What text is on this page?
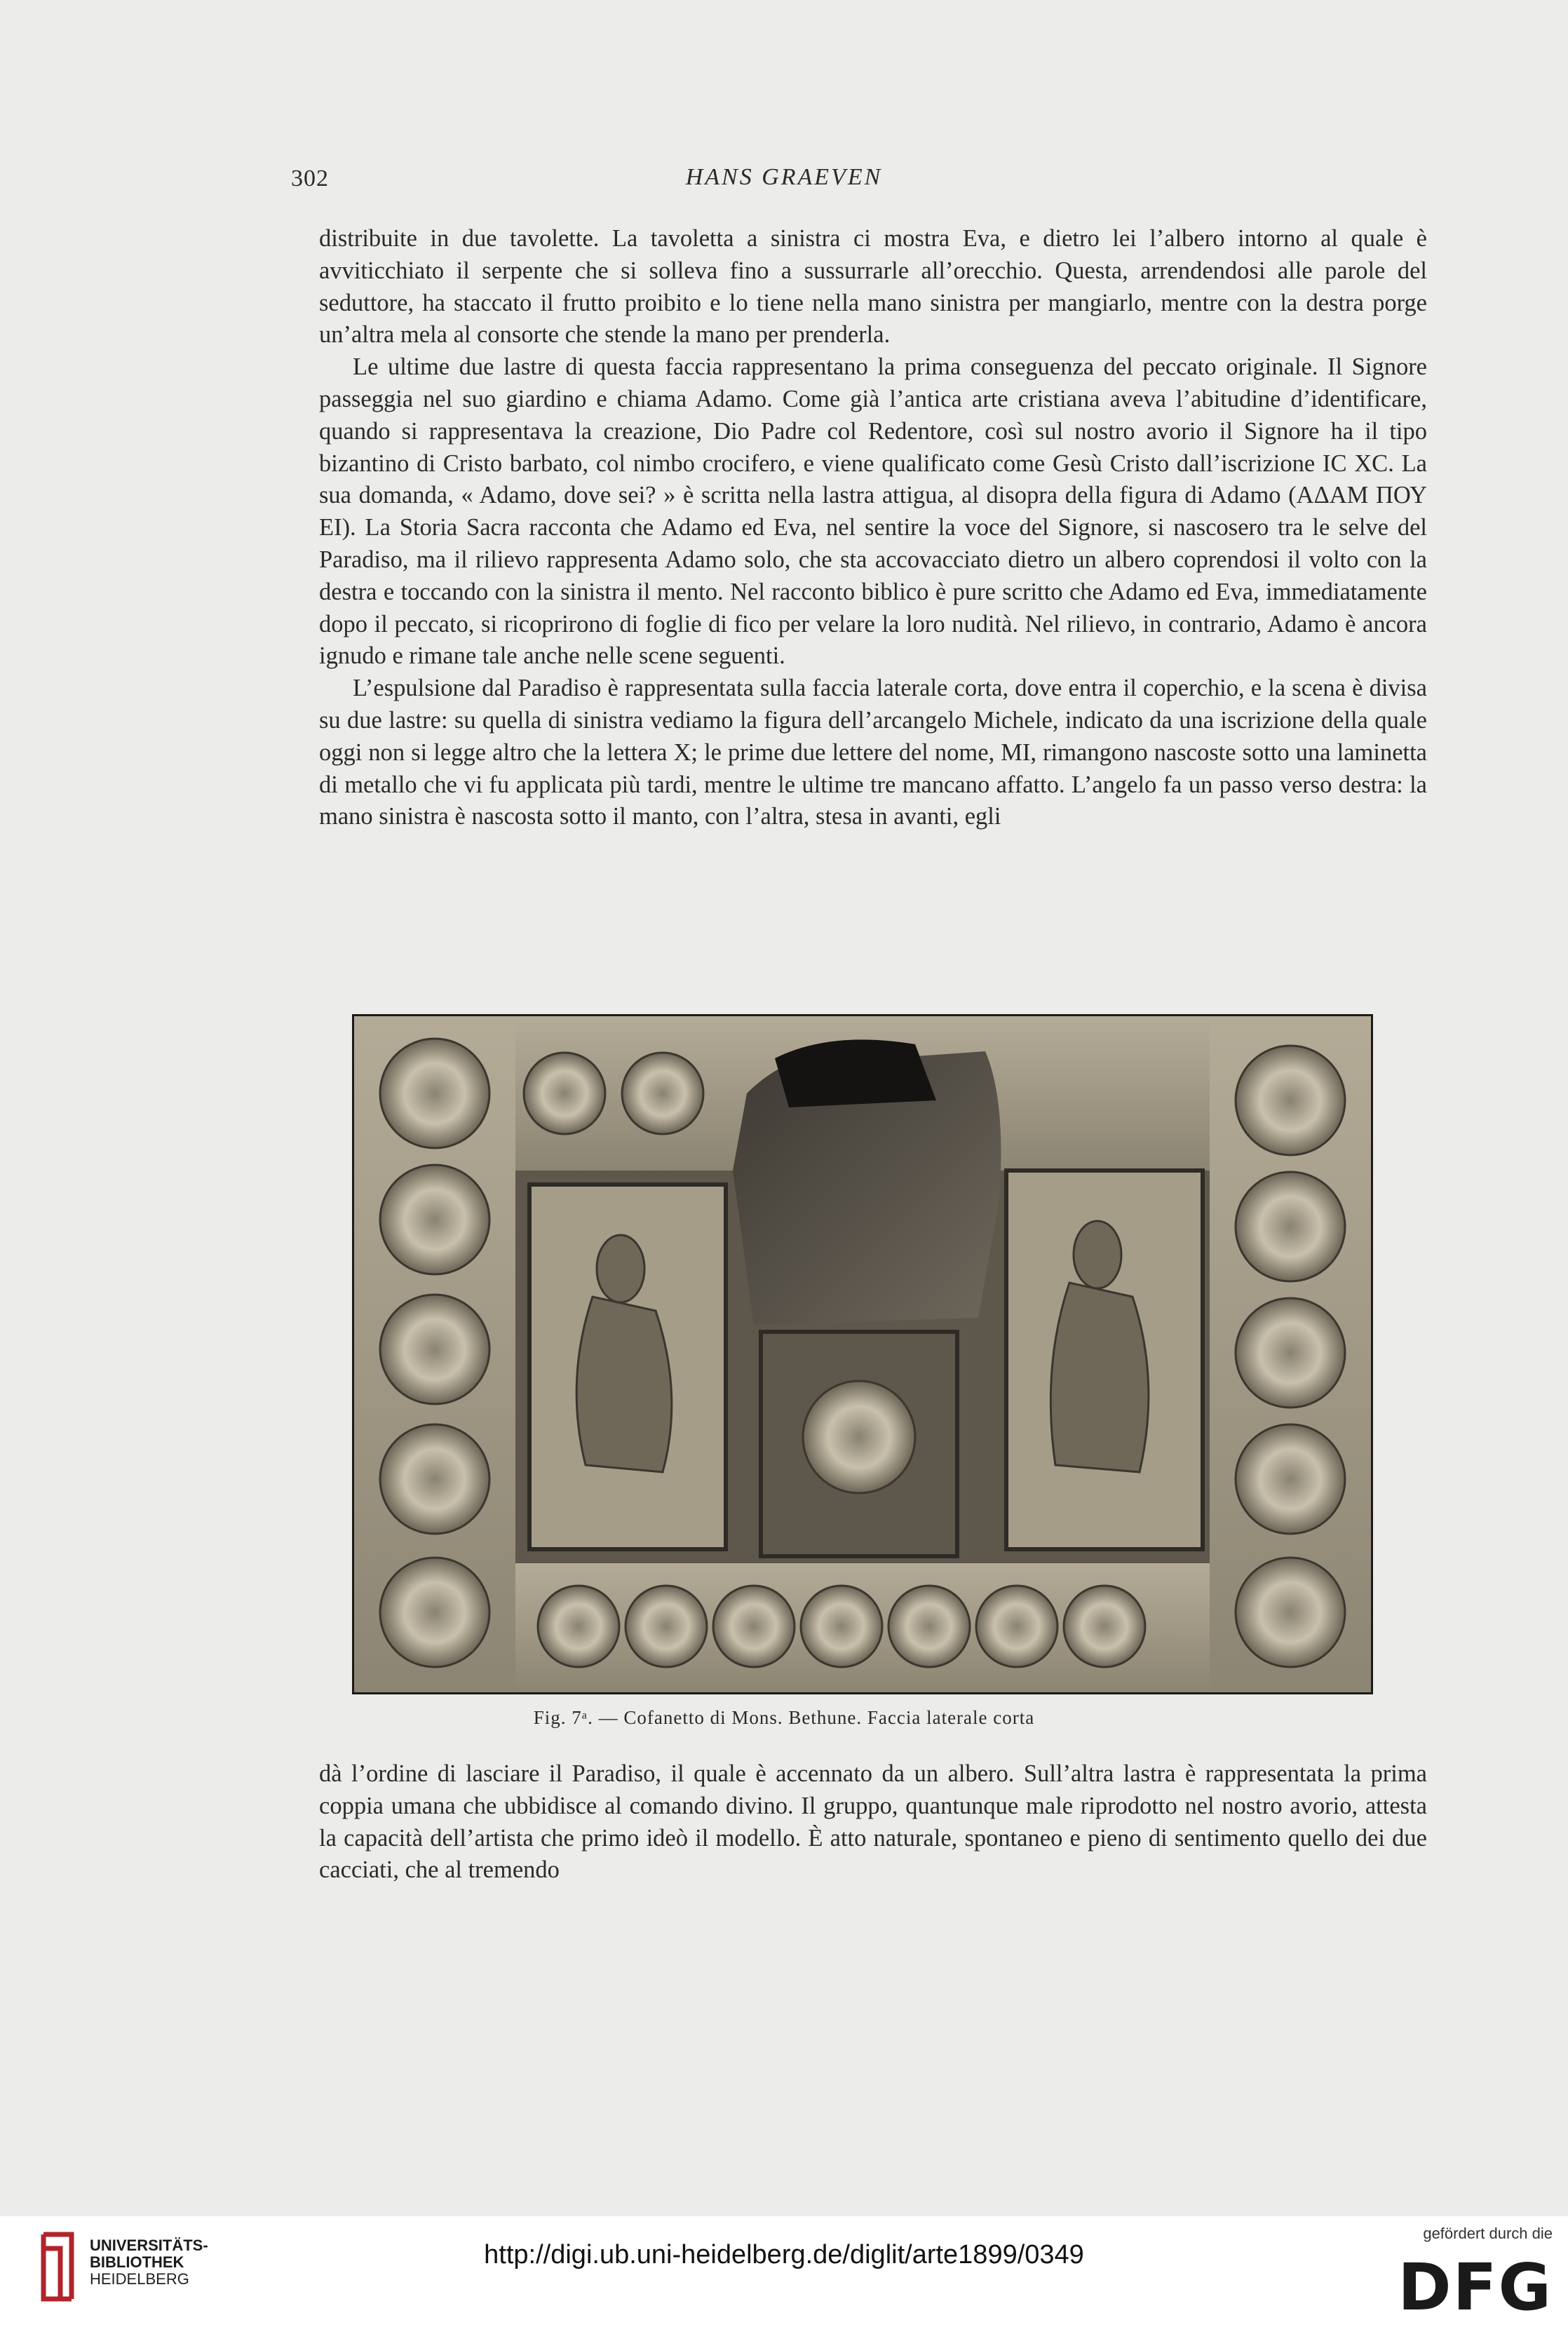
302	HANS GRAEVEN

distribuite in due tavolette. La tavoletta a sinistra ci mostra Eva, e dietro lei l’albero intorno al quale è avviticchiato il serpente che si solleva fino a sussurrarle all’orecchio. Questa, arrendendosi alle parole del seduttore, ha staccato il frutto proibito e lo tiene nella mano sinistra per mangiarlo, mentre con la destra porge un’altra mela al consorte che stende la mano per prenderla.

Le ultime due lastre di questa faccia rappresentano la prima conseguenza del peccato originale. Il Signore passeggia nel suo giardino e chiama Adamo. Come già l’antica arte cristiana aveva l’abitudine d’identificare, quando si rappresentava la creazione, Dio Padre col Redentore, così sul nostro avorio il Signore ha il tipo bizantino di Cristo barbato, col nimbo crocifero, e viene qualificato come Gesù Cristo dall’iscrizione IC XC. La sua domanda, « Adamo, dove sei? » è scritta nella lastra attigua, al disopra della figura di Adamo (ΑΔΑΜ ΠΟΥ ΕΙ). La Storia Sacra racconta che Adamo ed Eva, nel sentire la voce del Signore, si nascosero tra le selve del Paradiso, ma il rilievo rappresenta Adamo solo, che sta accovacciato dietro un albero coprendosi il volto con la destra e toccando con la sinistra il mento. Nel racconto biblico è pure scritto che Adamo ed Eva, immediatamente dopo il peccato, si ricoprirono di foglie di fico per velare la loro nudità. Nel rilievo, in contrario, Adamo è ancora ignudo e rimane tale anche nelle scene seguenti.

L’espulsione dal Paradiso è rappresentata sulla faccia laterale corta, dove entra il coperchio, e la scena è divisa su due lastre: su quella di sinistra vediamo la figura dell’arcangelo Michele, indicato da una iscrizione della quale oggi non si legge altro che la lettera X; le prime due lettere del nome, MI, rimangono nascoste sotto una laminetta di metallo che vi fu applicata più tardi, mentre le ultime tre mancano affatto. L’angelo fa un passo verso destra: la mano sinistra è nascosta sotto il manto, con l’altra, stesa in avanti, egli

Fig. 7ᵃ. — Cofanetto di Mons. Bethune. Faccia laterale corta

dà l’ordine di lasciare il Paradiso, il quale è accennato da un albero. Sull’altra lastra è rappresentata la prima coppia umana che ubbidisce al comando divino. Il gruppo, quantunque male riprodotto nel nostro avorio, attesta la capacità dell’artista che primo ideò il modello. È atto naturale, spontaneo e pieno di sentimento quello dei due cacciati, che al tremendo

UNIVERSITÄTS-
BIBLIOTHEK
HEIDELBERG
http://digi.ub.uni-heidelberg.de/diglit/arte1899/0349
gefördert durch die
DFG
